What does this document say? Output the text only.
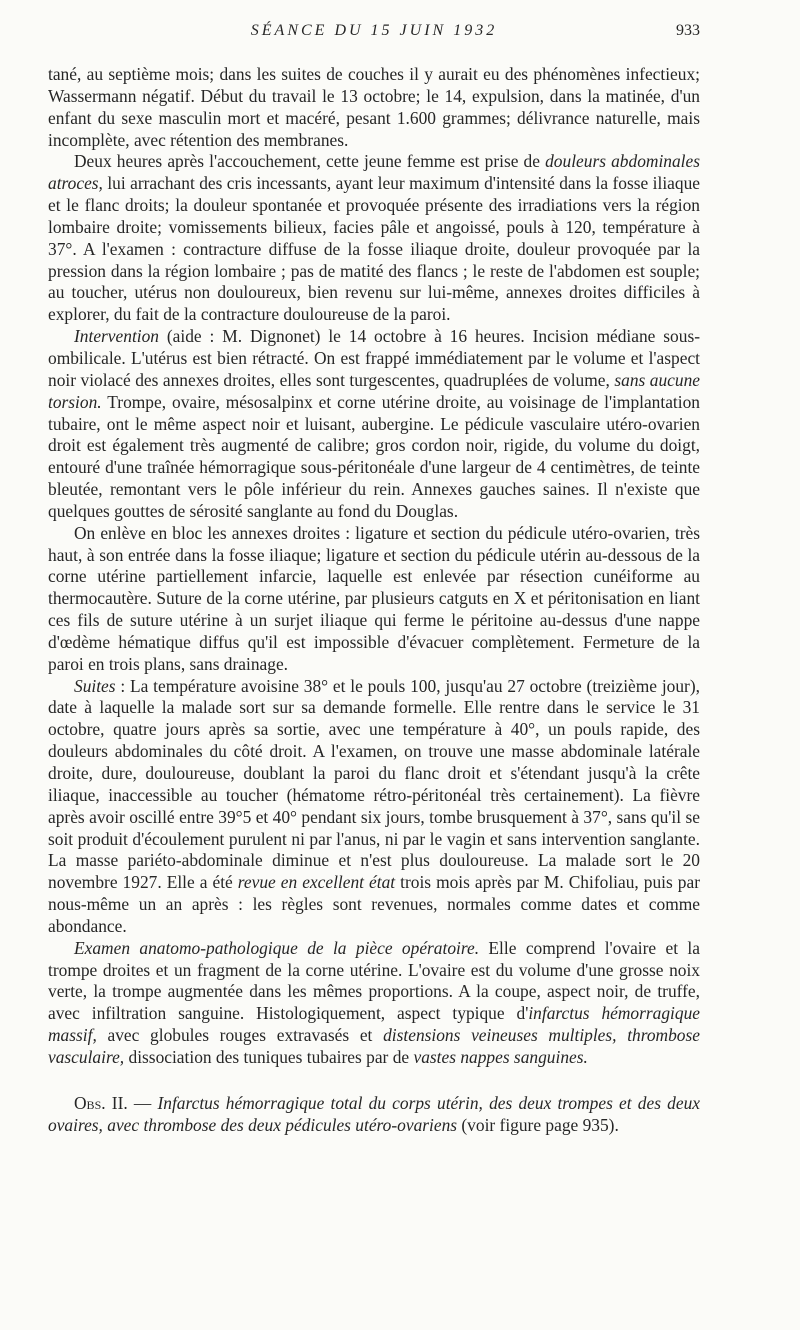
SÉANCE DU 15 JUIN 1932	933

tané, au septième mois; dans les suites de couches il y aurait eu des phénomènes infectieux; Wassermann négatif. Début du travail le 13 octobre; le 14, expulsion, dans la matinée, d'un enfant du sexe masculin mort et macéré, pesant 1.600 grammes; délivrance naturelle, mais incomplète, avec rétention des membranes.

Deux heures après l'accouchement, cette jeune femme est prise de douleurs abdominales atroces, lui arrachant des cris incessants, ayant leur maximum d'intensité dans la fosse iliaque et le flanc droits; la douleur spontanée et provoquée présente des irradiations vers la région lombaire droite; vomissements bilieux, facies pâle et angoissé, pouls à 120, température à 37°. A l'examen : contracture diffuse de la fosse iliaque droite, douleur provoquée par la pression dans la région lombaire ; pas de matité des flancs ; le reste de l'abdomen est souple; au toucher, utérus non douloureux, bien revenu sur lui-même, annexes droites difficiles à explorer, du fait de la contracture douloureuse de la paroi.

Intervention (aide : M. Dignonet) le 14 octobre à 16 heures. Incision médiane sous-ombilicale. L'utérus est bien rétracté. On est frappé immédiatement par le volume et l'aspect noir violacé des annexes droites, elles sont turgescentes, quadruplées de volume, sans aucune torsion. Trompe, ovaire, mésosalpinx et corne utérine droite, au voisinage de l'implantation tubaire, ont le même aspect noir et luisant, aubergine. Le pédicule vasculaire utéro-ovarien droit est également très augmenté de calibre; gros cordon noir, rigide, du volume du doigt, entouré d'une traînée hémorragique sous-péritonéale d'une largeur de 4 centimètres, de teinte bleutée, remontant vers le pôle inférieur du rein. Annexes gauches saines. Il n'existe que quelques gouttes de sérosité sanglante au fond du Douglas.

On enlève en bloc les annexes droites : ligature et section du pédicule utéro-ovarien, très haut, à son entrée dans la fosse iliaque; ligature et section du pédicule utérin au-dessous de la corne utérine partiellement infarcie, laquelle est enlevée par résection cunéiforme au thermocautère. Suture de la corne utérine, par plusieurs catguts en X et péritonisation en liant ces fils de suture utérine à un surjet iliaque qui ferme le péritoine au-dessus d'une nappe d'œdème hématique diffus qu'il est impossible d'évacuer complètement. Fermeture de la paroi en trois plans, sans drainage.

Suites : La température avoisine 38° et le pouls 100, jusqu'au 27 octobre (treizième jour), date à laquelle la malade sort sur sa demande formelle. Elle rentre dans le service le 31 octobre, quatre jours après sa sortie, avec une température à 40°, un pouls rapide, des douleurs abdominales du côté droit. A l'examen, on trouve une masse abdominale latérale droite, dure, douloureuse, doublant la paroi du flanc droit et s'étendant jusqu'à la crête iliaque, inaccessible au toucher (hématome rétro-péritonéal très certainement). La fièvre après avoir oscillé entre 39°5 et 40° pendant six jours, tombe brusquement à 37°, sans qu'il se soit produit d'écoulement purulent ni par l'anus, ni par le vagin et sans intervention sanglante. La masse pariéto-abdominale diminue et n'est plus douloureuse. La malade sort le 20 novembre 1927. Elle a été revue en excellent état trois mois après par M. Chifoliau, puis par nous-même un an après : les règles sont revenues, normales comme dates et comme abondance.

Examen anatomo-pathologique de la pièce opératoire. Elle comprend l'ovaire et la trompe droites et un fragment de la corne utérine. L'ovaire est du volume d'une grosse noix verte, la trompe augmentée dans les mêmes proportions. A la coupe, aspect noir, de truffe, avec infiltration sanguine. Histologiquement, aspect typique d'infarctus hémorragique massif, avec globules rouges extravasés et distensions veineuses multiples, thrombose vasculaire, dissociation des tuniques tubaires par de vastes nappes sanguines.

Obs. II. — Infarctus hémorragique total du corps utérin, des deux trompes et des deux ovaires, avec thrombose des deux pédicules utéro-ovariens (voir figure page 935).
